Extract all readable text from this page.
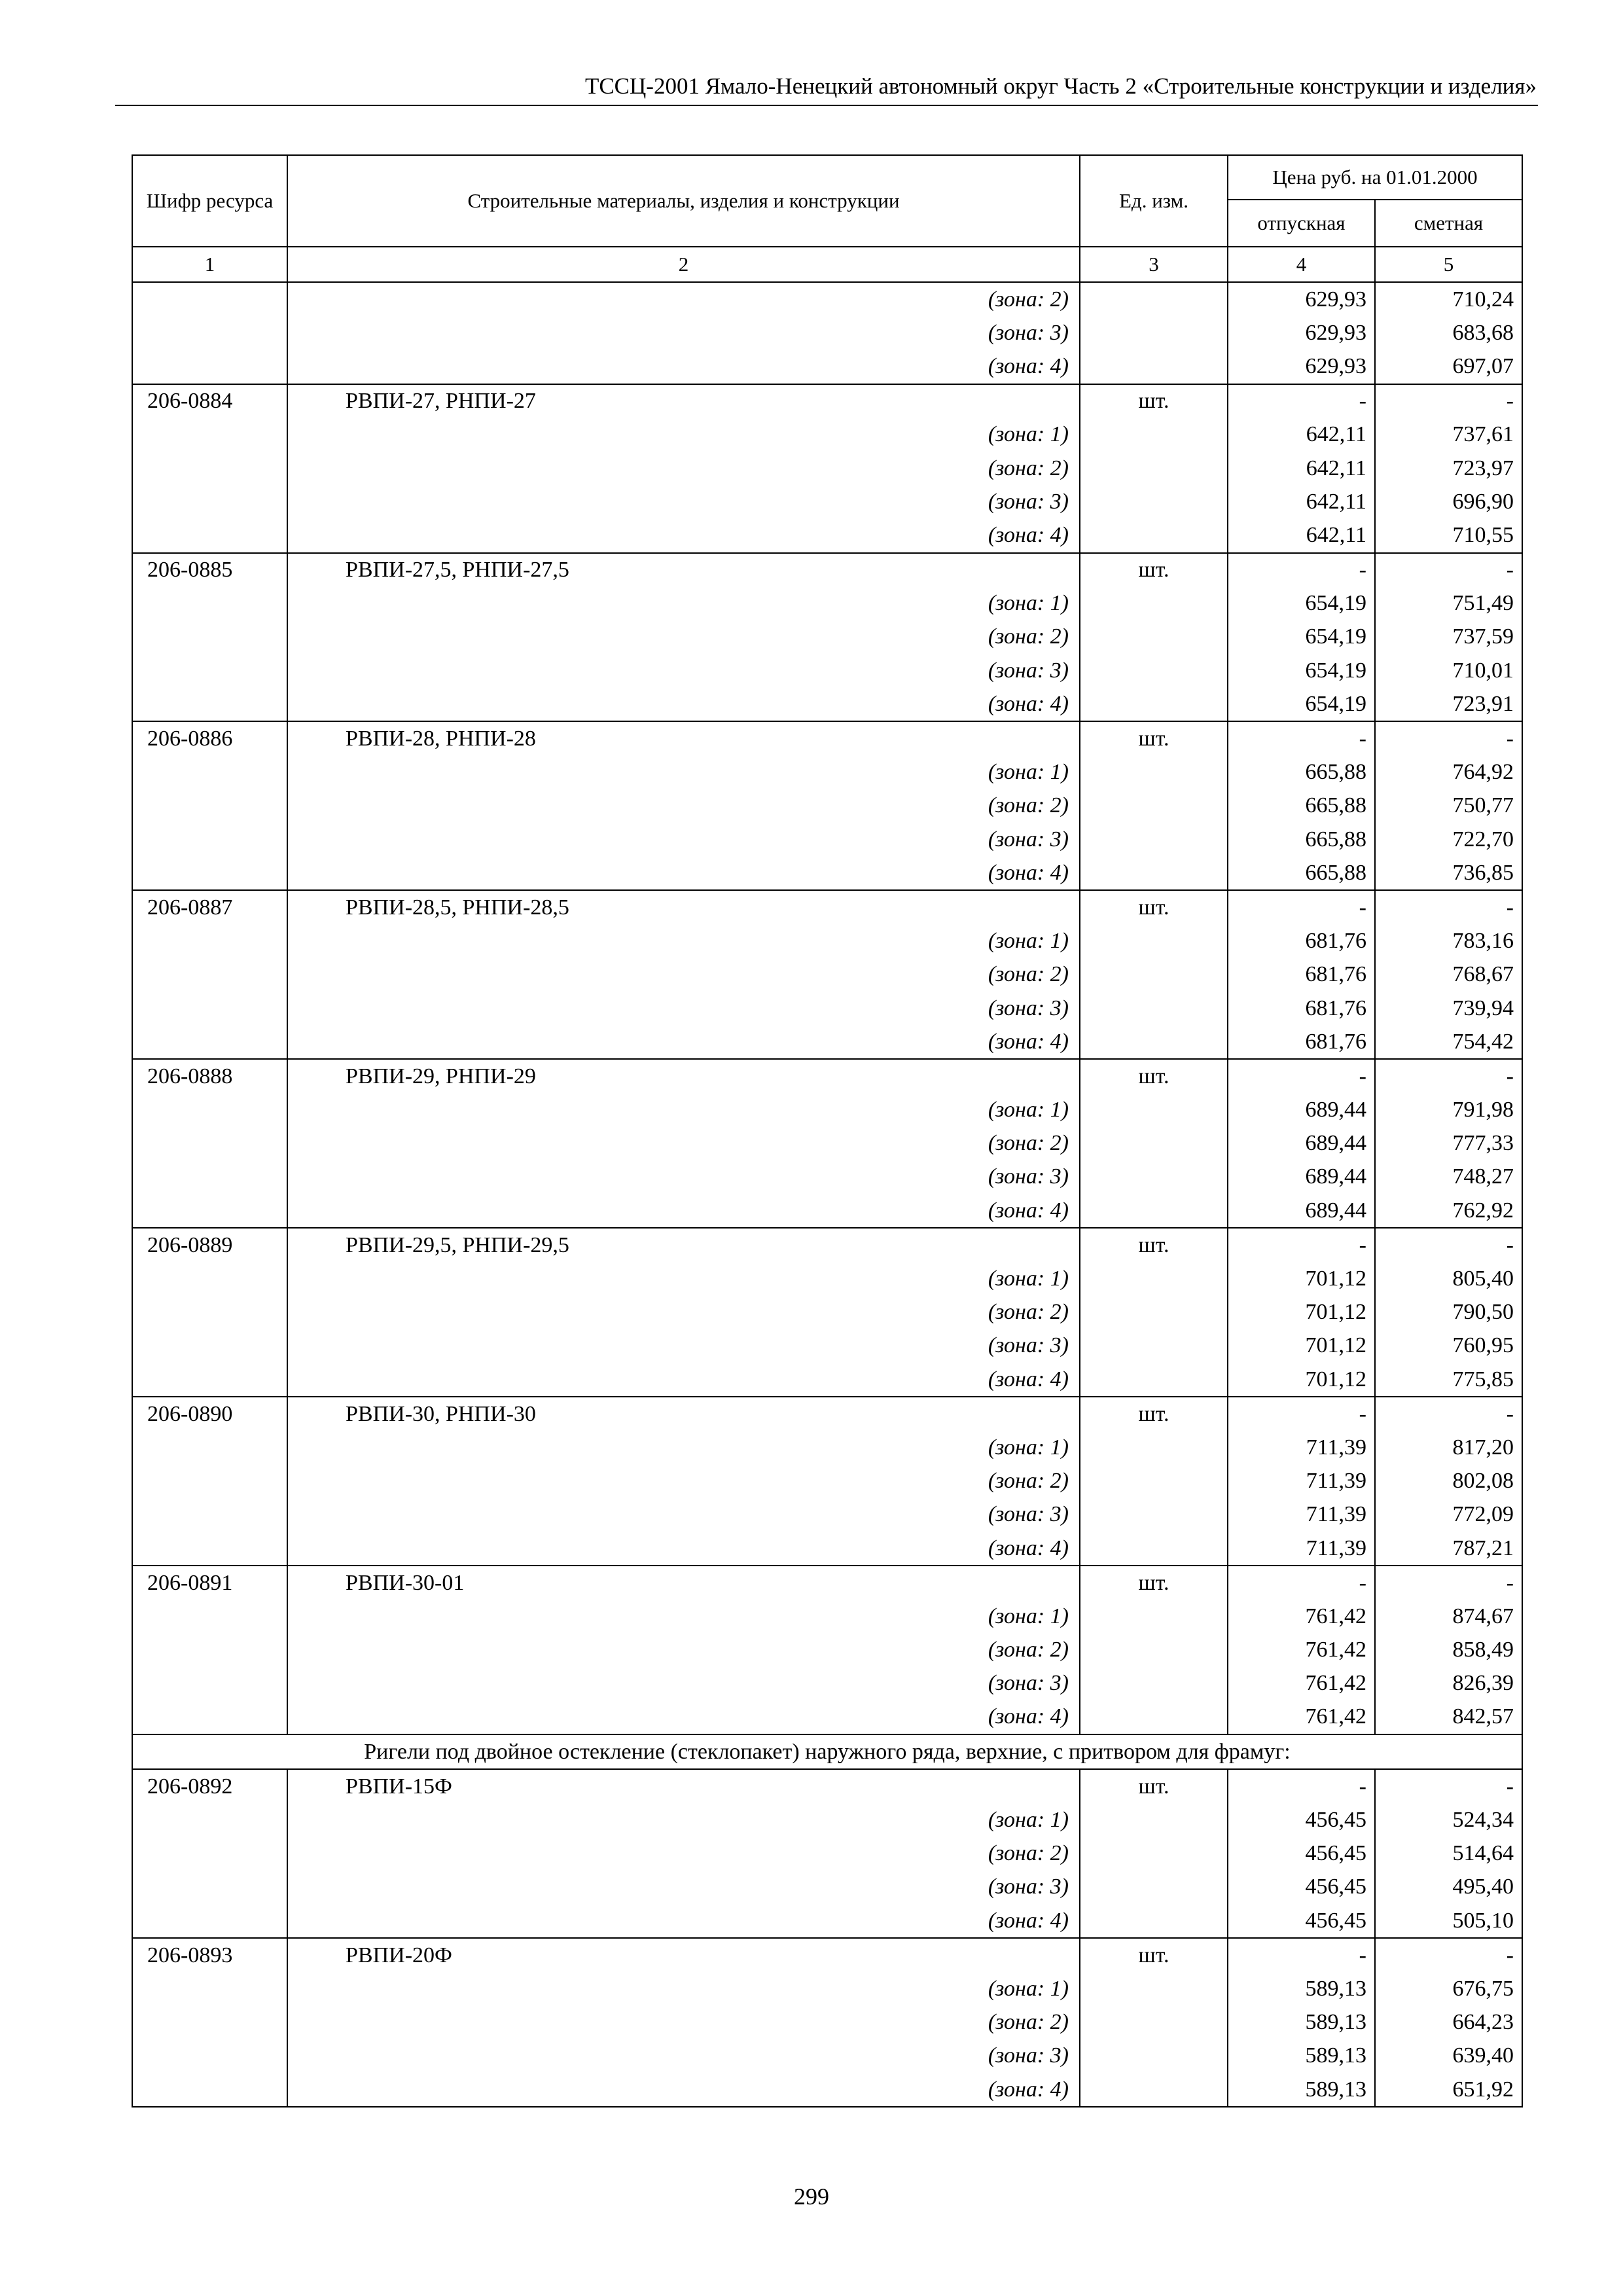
ТССЦ-2001 Ямало-Ненецкий автономный округ Часть 2 «Строительные конструкции и изделия»
Шифр ресурса	Строительные материалы, изделия и конструкции	Ед. изм.	Цена руб. на 01.01.2000	
			отпускная	сметная
1	2	3	4	5
	(зона: 2)		629,93	710,24
	(зона: 3)		629,93	683,68
	(зона: 4)		629,93	697,07
206-0884	РВПИ-27, РНПИ-27	шт.	-	-
	(зона: 1)		642,11	737,61
	(зона: 2)		642,11	723,97
	(зона: 3)		642,11	696,90
	(зона: 4)		642,11	710,55
206-0885	РВПИ-27,5, РНПИ-27,5	шт.	-	-
	(зона: 1)		654,19	751,49
	(зона: 2)		654,19	737,59
	(зона: 3)		654,19	710,01
	(зона: 4)		654,19	723,91
206-0886	РВПИ-28, РНПИ-28	шт.	-	-
	(зона: 1)		665,88	764,92
	(зона: 2)		665,88	750,77
	(зона: 3)		665,88	722,70
	(зона: 4)		665,88	736,85
206-0887	РВПИ-28,5, РНПИ-28,5	шт.	-	-
	(зона: 1)		681,76	783,16
	(зона: 2)		681,76	768,67
	(зона: 3)		681,76	739,94
	(зона: 4)		681,76	754,42
206-0888	РВПИ-29, РНПИ-29	шт.	-	-
	(зона: 1)		689,44	791,98
	(зона: 2)		689,44	777,33
	(зона: 3)		689,44	748,27
	(зона: 4)		689,44	762,92
206-0889	РВПИ-29,5, РНПИ-29,5	шт.	-	-
	(зона: 1)		701,12	805,40
	(зона: 2)		701,12	790,50
	(зона: 3)		701,12	760,95
	(зона: 4)		701,12	775,85
206-0890	РВПИ-30, РНПИ-30	шт.	-	-
	(зона: 1)		711,39	817,20
	(зона: 2)		711,39	802,08
	(зона: 3)		711,39	772,09
	(зона: 4)		711,39	787,21
206-0891	РВПИ-30-01	шт.	-	-
	(зона: 1)		761,42	874,67
	(зона: 2)		761,42	858,49
	(зона: 3)		761,42	826,39
	(зона: 4)		761,42	842,57
Ригели под двойное остекление (стеклопакет) наружного ряда, верхние, с притвором для фрамуг:				
206-0892	РВПИ-15Ф	шт.	-	-
	(зона: 1)		456,45	524,34
	(зона: 2)		456,45	514,64
	(зона: 3)		456,45	495,40
	(зона: 4)		456,45	505,10
206-0893	РВПИ-20Ф	шт.	-	-
	(зона: 1)		589,13	676,75
	(зона: 2)		589,13	664,23
	(зона: 3)		589,13	639,40
	(зона: 4)		589,13	651,92
299
